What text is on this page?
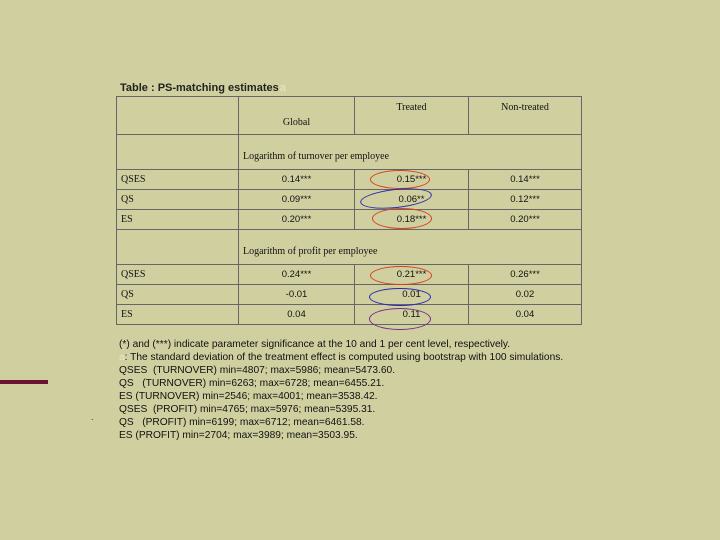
.
Table : PS-matching estimatesa
	Global	Treated	Non-treated
	Logarithm of turnover per employee		
QSES	0.14***	0.15***	0.14***
QS	0.09***	0.06**	0.12***
ES	0.20***	0.18***	0.20***
	Logarithm of profit per employee		
QSES	0.24***	0.21***	0.26***
QS	-0.01	0.01	0.02
ES	0.04	0.11	0.04
(*) and (***) indicate parameter significance at the 10 and 1 per cent level, respectively.
a: The standard deviation of the treatment effect is computed using bootstrap with 100 simulations.
QSES  (TURNOVER) min=4807; max=5986; mean=5473.60.
QS   (TURNOVER) min=6263; max=6728; mean=6455.21.
ES (TURNOVER) min=2546; max=4001; mean=3538.42.
QSES  (PROFIT) min=4765; max=5976; mean=5395.31.
QS   (PROFIT) min=6199; max=6712; mean=6461.58.
ES (PROFIT) min=2704; max=3989; mean=3503.95.
